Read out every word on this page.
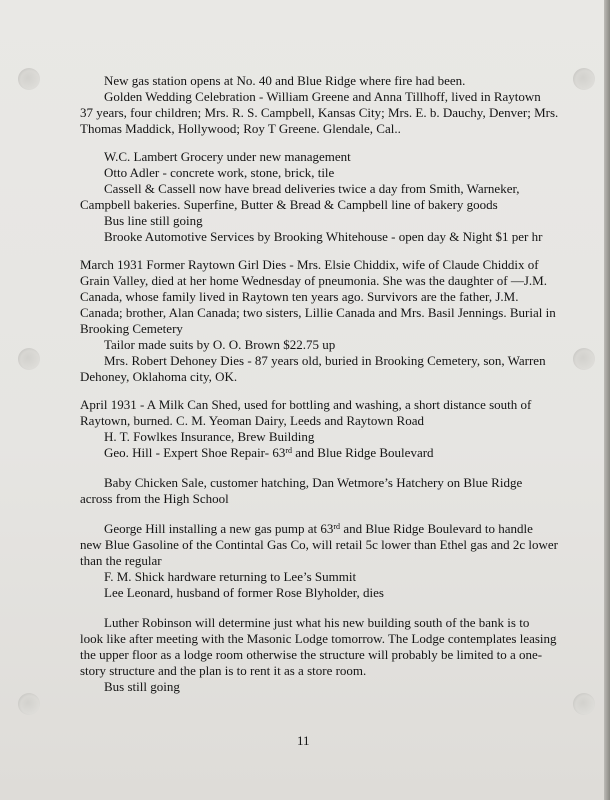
New gas station opens at No. 40 and Blue Ridge where fire had been.
Golden Wedding Celebration - William Greene and Anna Tillhoff, lived in Raytown
37 years, four children; Mrs. R. S. Campbell, Kansas City; Mrs. E. b. Dauchy, Denver; Mrs.
Thomas Maddick, Hollywood; Roy T Greene. Glendale, Cal..
W.C. Lambert Grocery under new management
Otto Adler - concrete work, stone, brick, tile
Cassell & Cassell now have bread deliveries twice a day from Smith, Warneker,
Campbell bakeries. Superfine, Butter & Bread & Campbell line of bakery goods
Bus line still going
Brooke Automotive Services by Brooking Whitehouse - open day & Night $1 per hr
March 1931 Former Raytown Girl Dies - Mrs. Elsie Chiddix, wife of Claude Chiddix of
Grain Valley, died at her home Wednesday of pneumonia. She was the daughter of —J.M.
Canada, whose family lived in Raytown ten years ago. Survivors are the father, J.M.
Canada; brother, Alan Canada; two sisters, Lillie Canada and Mrs. Basil Jennings. Burial in
Brooking Cemetery
Tailor made suits by O. O. Brown $22.75 up
Mrs. Robert Dehoney Dies - 87 years old, buried in Brooking Cemetery, son, Warren
Dehoney, Oklahoma city, OK.
April 1931 - A Milk Can Shed, used for bottling and washing, a short distance south of
Raytown, burned. C. M. Yeoman Dairy, Leeds and Raytown Road
H. T. Fowlkes Insurance, Brew Building
Geo. Hill - Expert Shoe Repair- 63rd and Blue Ridge Boulevard
Baby Chicken Sale, customer hatching, Dan Wetmore’s Hatchery on Blue Ridge
across from the High School
George Hill installing a new gas pump at 63rd and Blue Ridge Boulevard to handle
new Blue Gasoline of the Contintal Gas Co, will retail 5c lower than Ethel gas and 2c lower
than the regular
F. M. Shick hardware returning to Lee’s Summit
Lee Leonard, husband of former Rose Blyholder, dies
Luther Robinson will determine just what his new building south of the bank is to
look like after meeting with the Masonic Lodge tomorrow. The Lodge contemplates leasing
the upper floor as a lodge room otherwise the structure will probably be limited to a one-
story structure and the plan is to rent it as a store room.
Bus still going
11
